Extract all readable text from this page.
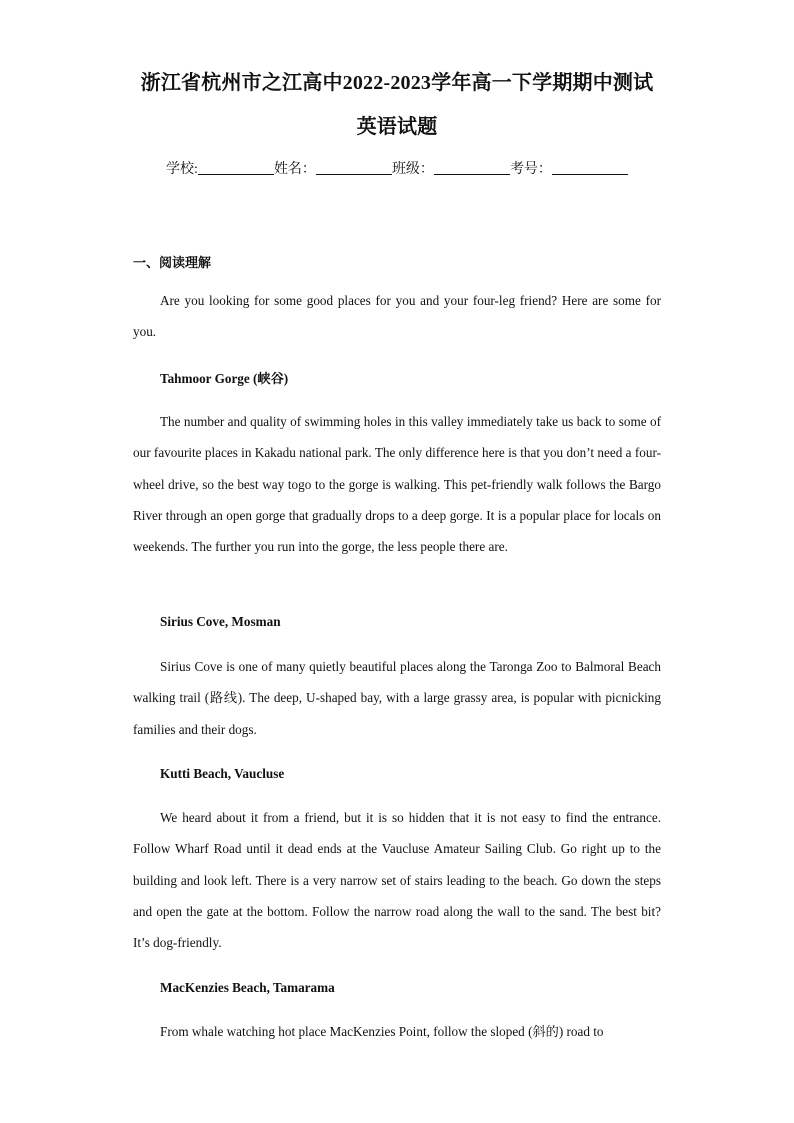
浙江省杭州市之江高中2022-2023学年高一下学期期中测试
英语试题
学校:	姓名：	班级：	考号：
一、阅读理解

Are you looking for some good places for you and your four-leg friend? Here are some for you.

Tahmoor Gorge (峡谷)

The number and quality of swimming holes in this valley immediately take us back to some of our favourite places in Kakadu national park. The only difference here is that you don’t need a four-wheel drive, so the best way togo to the gorge is walking. This pet-friendly walk follows the Bargo River through an open gorge that gradually drops to a deep gorge. It is a popular place for locals on weekends. The further you run into the gorge, the less people there are.

Sirius Cove, Mosman

Sirius Cove is one of many quietly beautiful places along the Taronga Zoo to Balmoral Beach walking trail (路线). The deep, U-shaped bay, with a large grassy area, is popular with picnicking families and their dogs.

Kutti Beach, Vaucluse

We heard about it from a friend, but it is so hidden that it is not easy to find the entrance. Follow Wharf Road until it dead ends at the Vaucluse Amateur Sailing Club. Go right up to the building and look left. There is a very narrow set of stairs leading to the beach. Go down the steps and open the gate at the bottom. Follow the narrow road along the wall to the sand. The best bit? It’s dog-friendly.

MacKenzies Beach, Tamarama

From whale watching hot place MacKenzies Point, follow the sloped (斜的) road to
